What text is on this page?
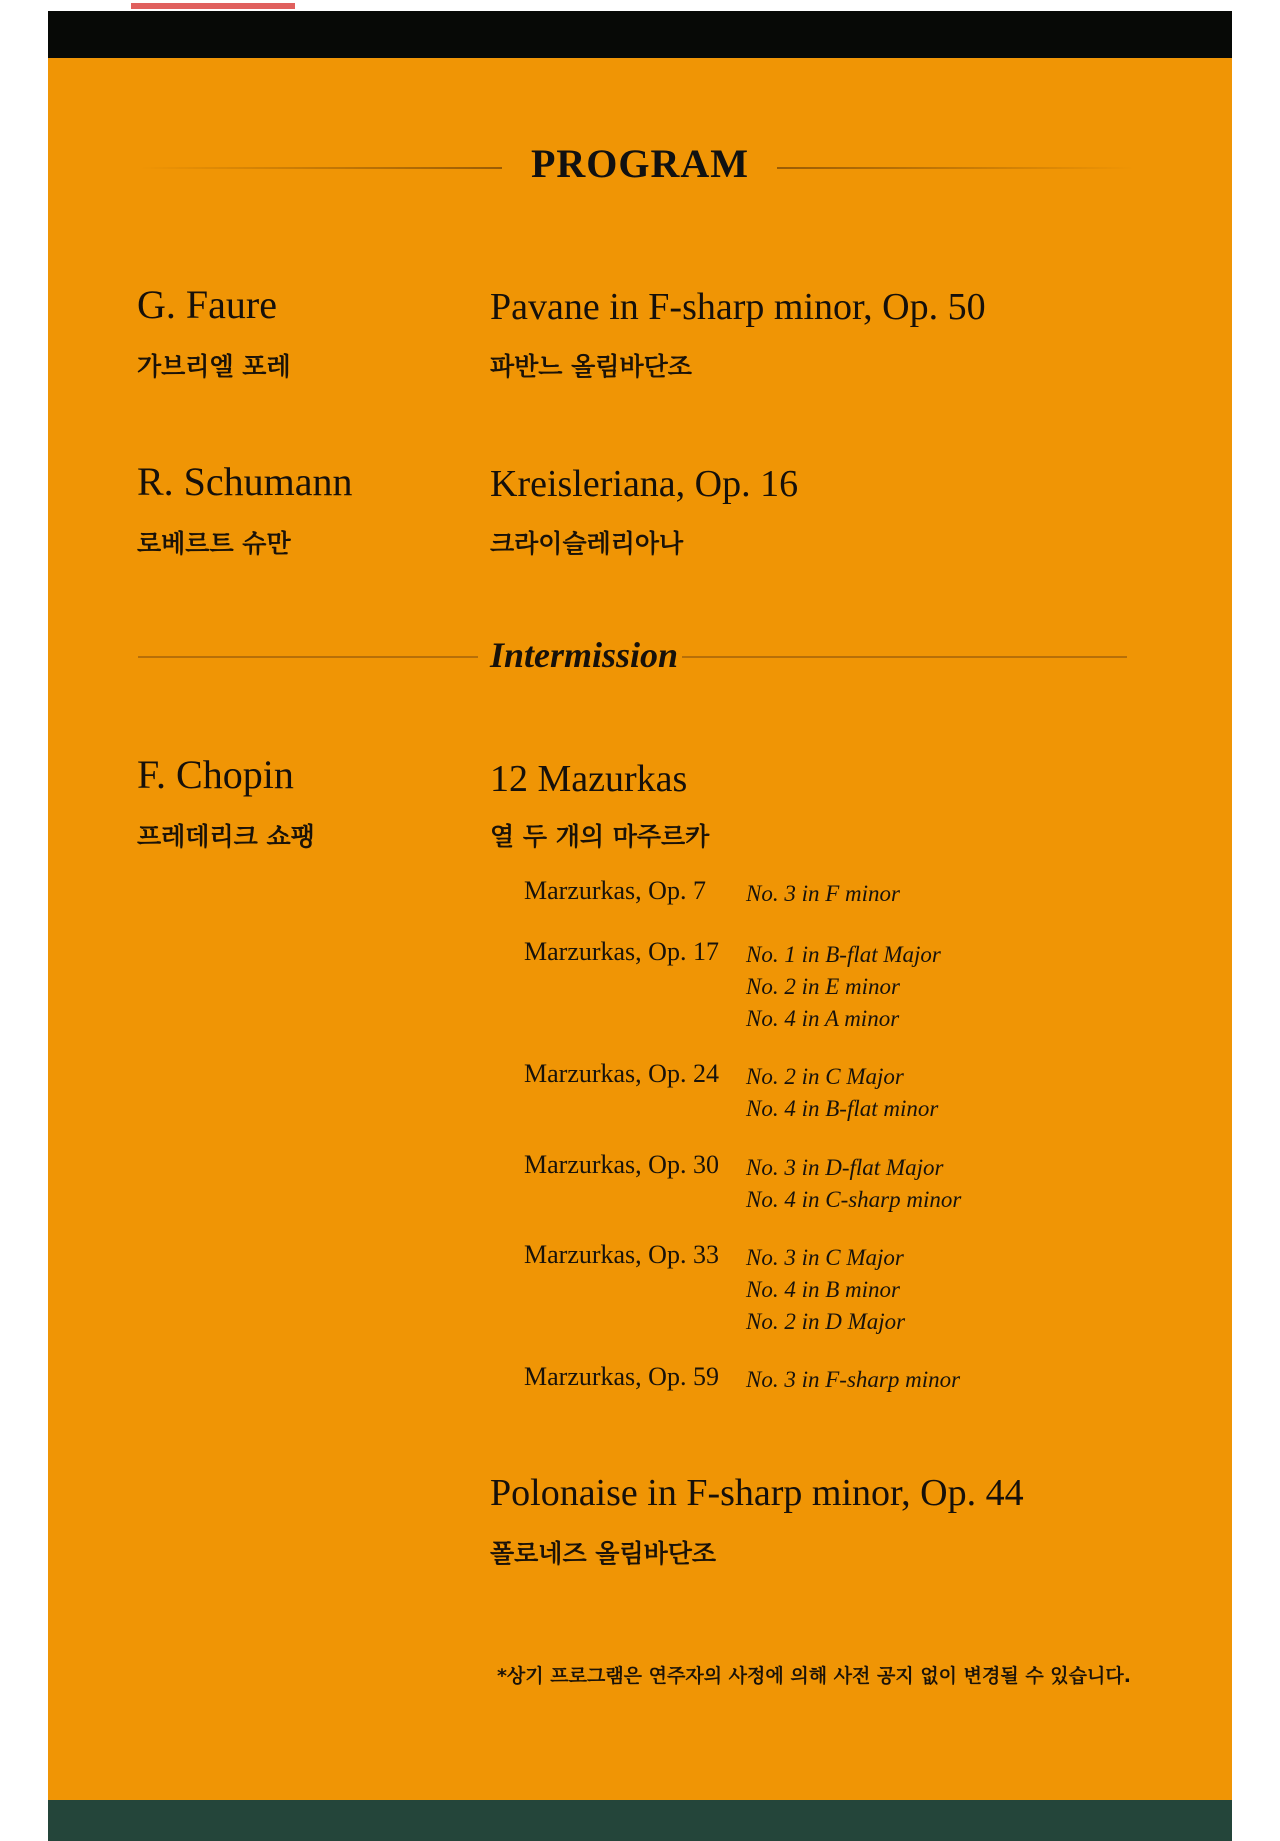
PROGRAM
G. Faure
가브리엘 포레
Pavane in F-sharp minor, Op. 50
파반느 올림바단조
R. Schumann
로베르트 슈만
Kreisleriana, Op. 16
크라이슬레리아나
Intermission
F. Chopin
프레데리크 쇼팽
12 Mazurkas
열 두 개의 마주르카
Marzurkas, Op. 7 No. 3 in F minor
Marzurkas, Op. 17 No. 1 in B-flat Major
No. 2 in E minor
No. 4 in A minor
Marzurkas, Op. 24 No. 2 in C Major
No. 4 in B-flat minor
Marzurkas, Op. 30 No. 3 in D-flat Major
No. 4 in C-sharp minor
Marzurkas, Op. 33 No. 3 in C Major
No. 4 in B minor
No. 2 in D Major
Marzurkas, Op. 59 No. 3 in F-sharp minor
Polonaise in F-sharp minor, Op. 44
폴로네즈 올림바단조
*상기 프로그램은 연주자의 사정에 의해 사전 공지 없이 변경될 수 있습니다.
